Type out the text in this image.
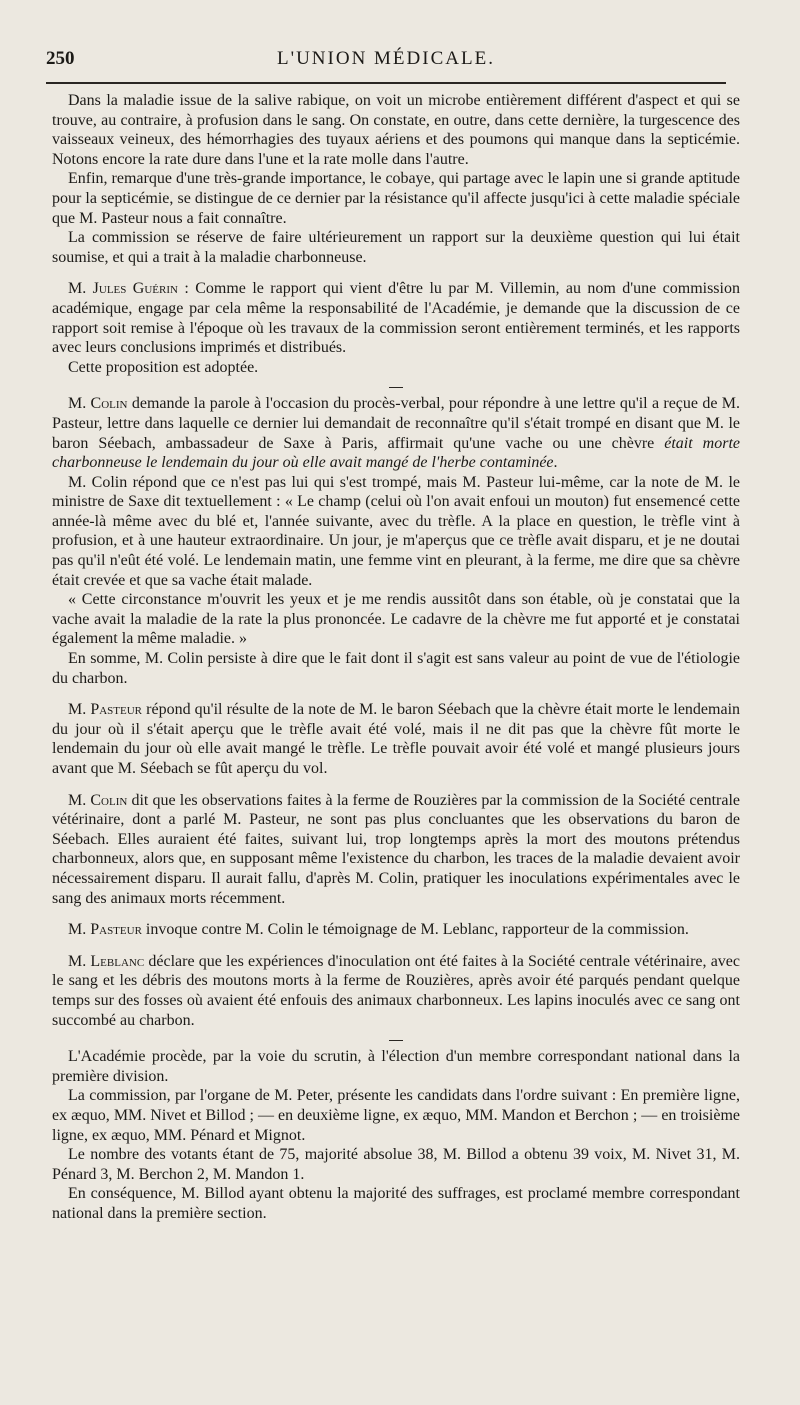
250	L'UNION MÉDICALE.

Dans la maladie issue de la salive rabique, on voit un microbe entièrement différent d'aspect et qui se trouve, au contraire, à profusion dans le sang. On constate, en outre, dans cette dernière, la turgescence des vaisseaux veineux, des hémorrhagies des tuyaux aériens et des poumons qui manque dans la septicémie. Notons encore la rate dure dans l'une et la rate molle dans l'autre.

Enfin, remarque d'une très-grande importance, le cobaye, qui partage avec le lapin une si grande aptitude pour la septicémie, se distingue de ce dernier par la résistance qu'il affecte jusqu'ici à cette maladie spéciale que M. Pasteur nous a fait connaître.

La commission se réserve de faire ultérieurement un rapport sur la deuxième question qui lui était soumise, et qui a trait à la maladie charbonneuse.

M. Jules Guérin : Comme le rapport qui vient d'être lu par M. Villemin, au nom d'une commission académique, engage par cela même la responsabilité de l'Académie, je demande que la discussion de ce rapport soit remise à l'époque où les travaux de la commission seront entièrement terminés, et les rapports avec leurs conclusions imprimés et distribués.

Cette proposition est adoptée.

M. Colin demande la parole à l'occasion du procès-verbal, pour répondre à une lettre qu'il a reçue de M. Pasteur, lettre dans laquelle ce dernier lui demandait de reconnaître qu'il s'était trompé en disant que M. le baron Séebach, ambassadeur de Saxe à Paris, affirmait qu'une vache ou une chèvre était morte charbonneuse le lendemain du jour où elle avait mangé de l'herbe contaminée.

M. Colin répond que ce n'est pas lui qui s'est trompé, mais M. Pasteur lui-même, car la note de M. le ministre de Saxe dit textuellement : « Le champ (celui où l'on avait enfoui un mouton) fut ensemencé cette année-là même avec du blé et, l'année suivante, avec du trèfle. A la place en question, le trèfle vint à profusion, et à une hauteur extraordinaire. Un jour, je m'aperçus que ce trèfle avait disparu, et je ne doutai pas qu'il n'eût été volé. Le lendemain matin, une femme vint en pleurant, à la ferme, me dire que sa chèvre était crevée et que sa vache était malade.

« Cette circonstance m'ouvrit les yeux et je me rendis aussitôt dans son étable, où je constatai que la vache avait la maladie de la rate la plus prononcée. Le cadavre de la chèvre me fut apporté et je constatai également la même maladie. »

En somme, M. Colin persiste à dire que le fait dont il s'agit est sans valeur au point de vue de l'étiologie du charbon.

M. Pasteur répond qu'il résulte de la note de M. le baron Séebach que la chèvre était morte le lendemain du jour où il s'était aperçu que le trèfle avait été volé, mais il ne dit pas que la chèvre fût morte le lendemain du jour où elle avait mangé le trèfle. Le trèfle pouvait avoir été volé et mangé plusieurs jours avant que M. Séebach se fût aperçu du vol.

M. Colin dit que les observations faites à la ferme de Rouzières par la commission de la Société centrale vétérinaire, dont a parlé M. Pasteur, ne sont pas plus concluantes que les observations du baron de Séebach. Elles auraient été faites, suivant lui, trop longtemps après la mort des moutons prétendus charbonneux, alors que, en supposant même l'existence du charbon, les traces de la maladie devaient avoir nécessairement disparu. Il aurait fallu, d'après M. Colin, pratiquer les inoculations expérimentales avec le sang des animaux morts récemment.

M. Pasteur invoque contre M. Colin le témoignage de M. Leblanc, rapporteur de la commission.

M. Leblanc déclare que les expériences d'inoculation ont été faites à la Société centrale vétérinaire, avec le sang et les débris des moutons morts à la ferme de Rouzières, après avoir été parqués pendant quelque temps sur des fosses où avaient été enfouis des animaux charbonneux. Les lapins inoculés avec ce sang ont succombé au charbon.

L'Académie procède, par la voie du scrutin, à l'élection d'un membre correspondant national dans la première division.

La commission, par l'organe de M. Peter, présente les candidats dans l'ordre suivant : En première ligne, ex æquo, MM. Nivet et Billod ; — en deuxième ligne, ex æquo, MM. Mandon et Berchon ; — en troisième ligne, ex æquo, MM. Pénard et Mignot.

Le nombre des votants étant de 75, majorité absolue 38, M. Billod a obtenu 39 voix, M. Nivet 31, M. Pénard 3, M. Berchon 2, M. Mandon 1.

En conséquence, M. Billod ayant obtenu la majorité des suffrages, est proclamé membre correspondant national dans la première section.
